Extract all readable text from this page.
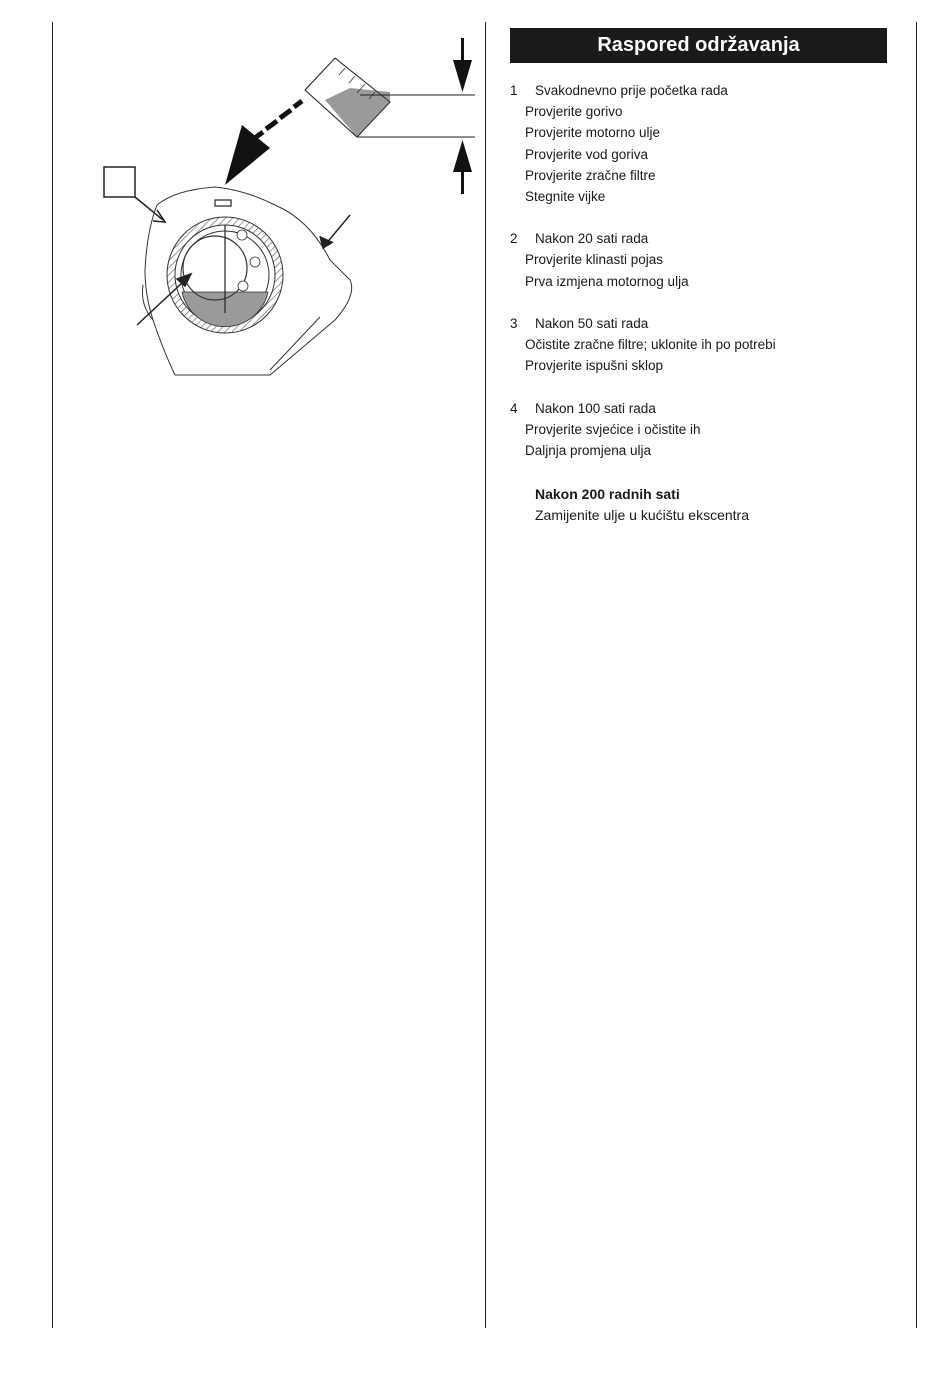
Raspored održavanja
1	Svakodnevno prije početka rada
Provjerite gorivo
Provjerite motorno ulje
Provjerite vod goriva
Provjerite zračne filtre
Stegnite vijke
2	Nakon 20 sati rada
Provjerite klinasti pojas
Prva izmjena motornog ulja
3	Nakon 50 sati rada
Očistite zračne filtre; uklonite ih po potrebi
Provjerite ispušni sklop
4	Nakon 100 sati rada
Provjerite svjećice i očistite ih
Daljnja promjena ulja
Nakon 200 radnih sati
Zamijenite ulje u kućištu ekscentra
